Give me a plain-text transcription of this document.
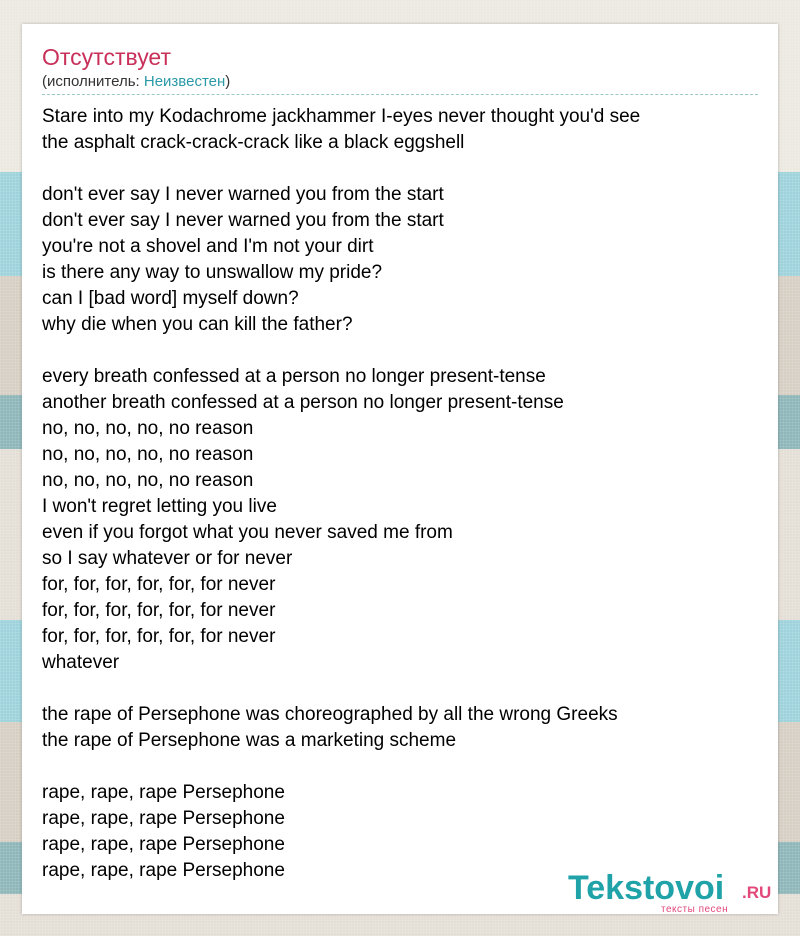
Отсутствует
(исполнитель: Неизвестен)
Stare into my Kodachrome jackhammer I-eyes never thought you'd see
the asphalt crack-crack-crack like a black eggshell

don't ever say I never warned you from the start
don't ever say I never warned you from the start
you're not a shovel and I'm not your dirt
is there any way to unswallow my pride?
can I [bad word] myself down?
why die when you can kill the father?

every breath confessed at a person no longer present-tense
another breath confessed at a person no longer present-tense
no, no, no, no, no reason
no, no, no, no, no reason
no, no, no, no, no reason
I won't regret letting you live
even if you forgot what you never saved me from
so I say whatever or for never
for, for, for, for, for, for never
for, for, for, for, for, for never
for, for, for, for, for, for never
whatever

the rape of Persephone was choreographed by all the wrong Greeks
the rape of Persephone was a marketing scheme

rape, rape, rape Persephone
rape, rape, rape Persephone
rape, rape, rape Persephone
rape, rape, rape Persephone	Tekstovoi .RU
тексты песен
